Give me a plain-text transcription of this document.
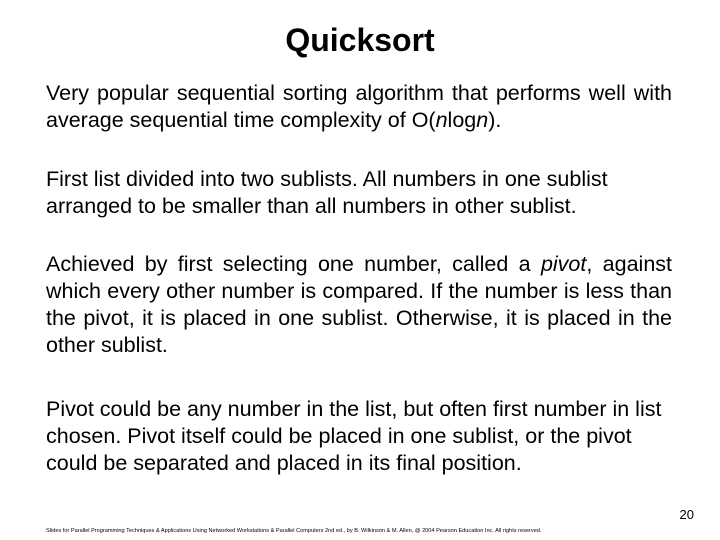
Quicksort

Very popular sequential sorting algorithm that performs well with average sequential time complexity of O(nlogn).

First list divided into two sublists. All numbers in one sublist arranged to be smaller than all numbers in other sublist.

Achieved by first selecting one number, called a pivot, against which every other number is compared. If the number is less than the pivot, it is placed in one sublist. Otherwise, it is placed in the other sublist.

Pivot could be any number in the list, but often first number in list chosen. Pivot itself could be placed in one sublist, or the pivot could be separated and placed in its final position.

20
Slides for Parallel Programming Techniques & Applications Using Networked Workstations & Parallel Computers 2nd ed., by B. Wilkinson & M. Allen, @ 2004 Pearson Education Inc. All rights reserved.
